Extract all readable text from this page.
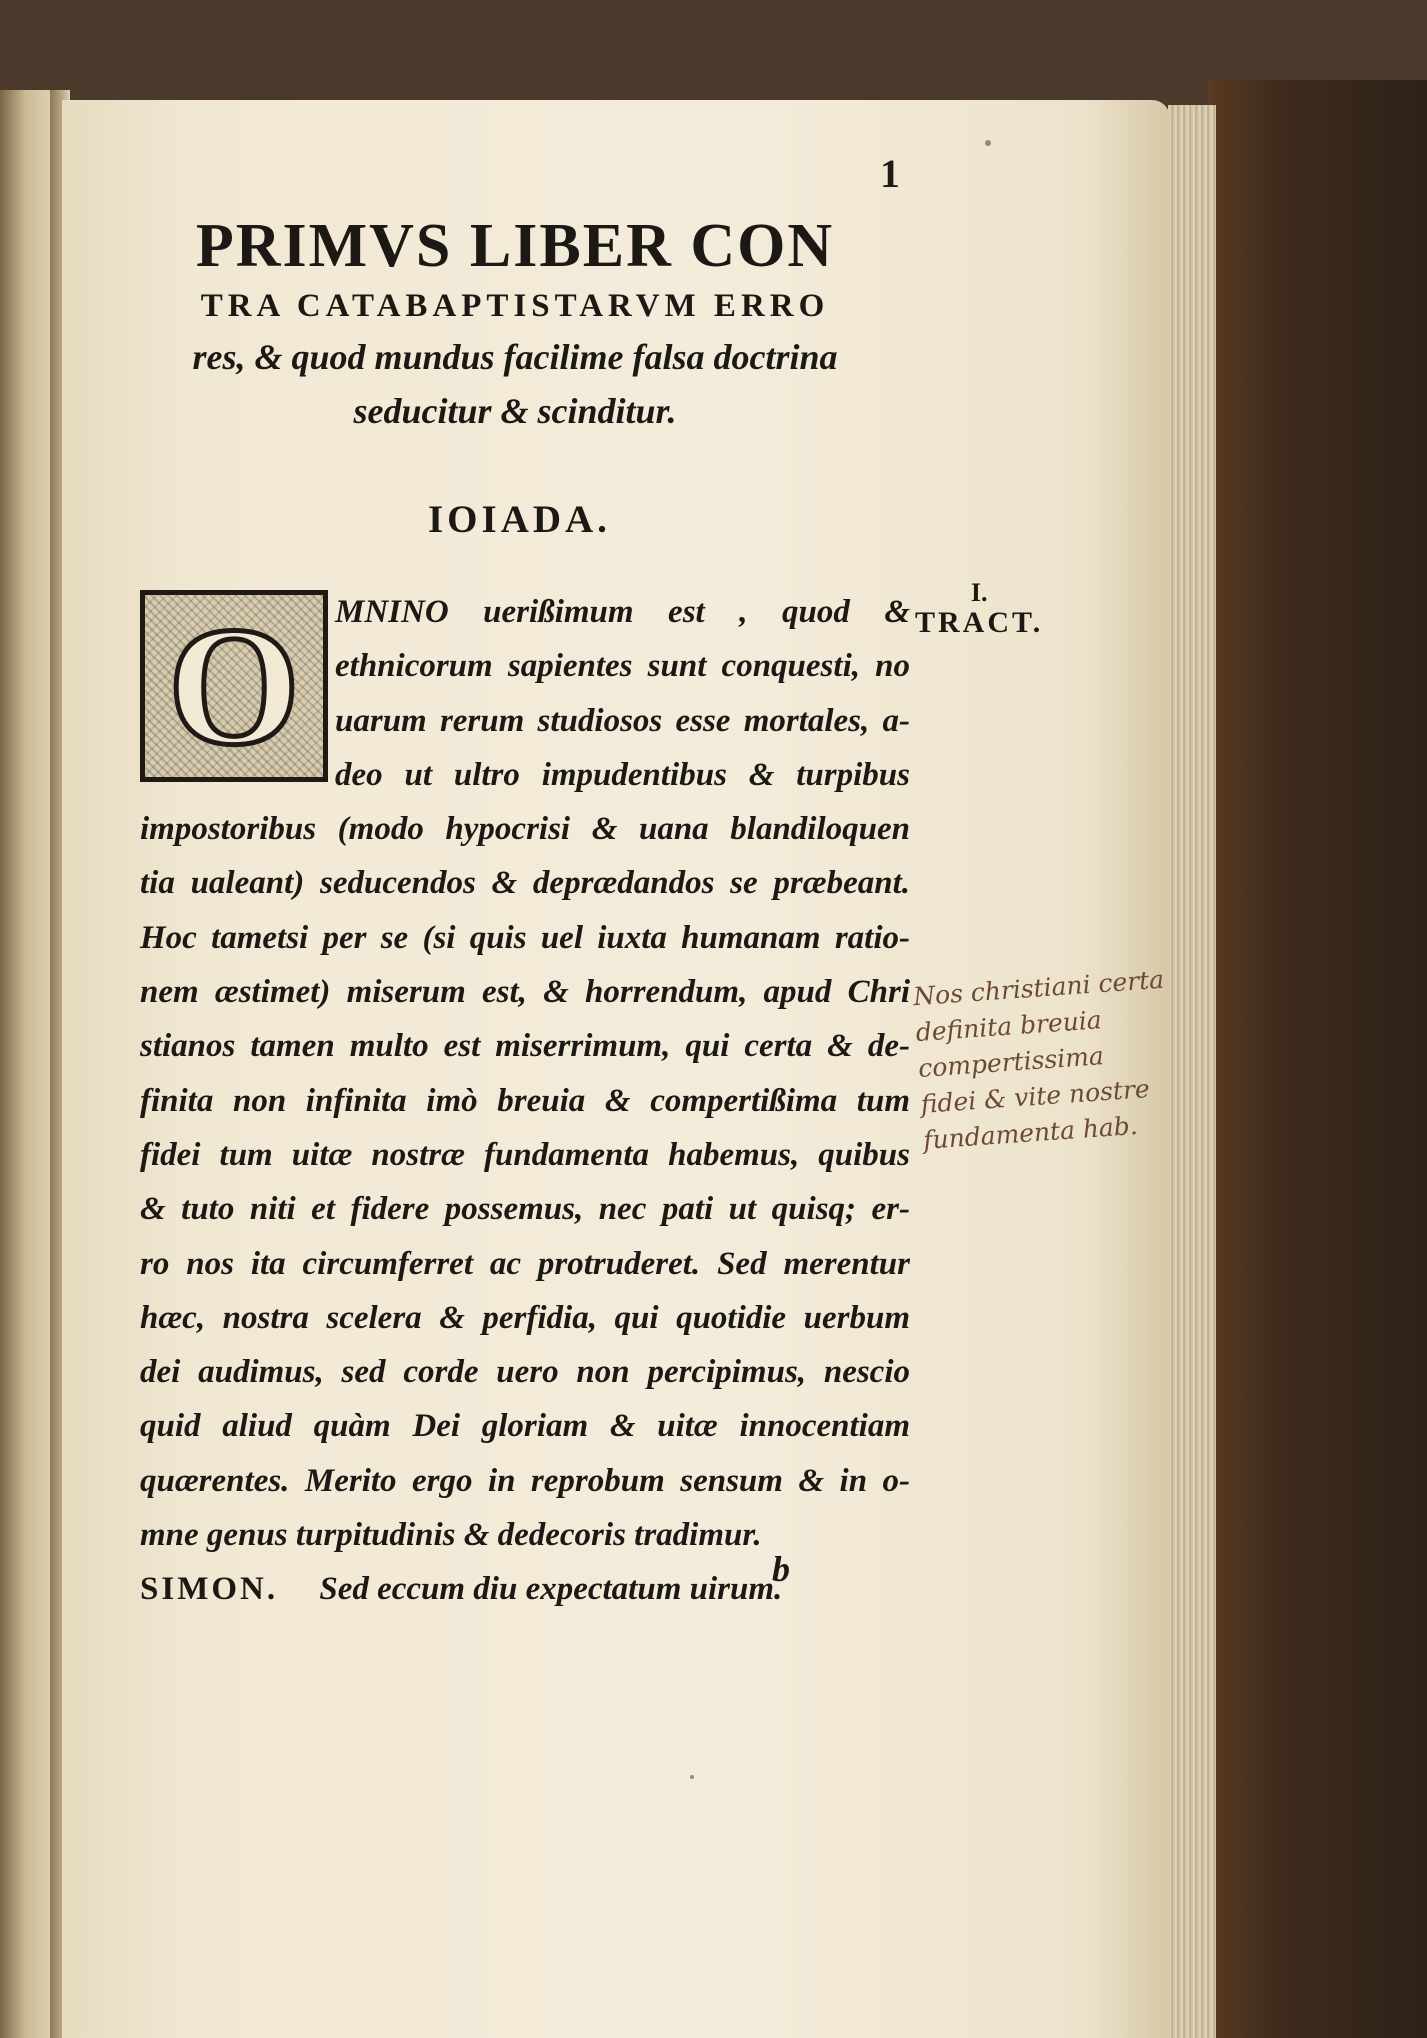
1
PRIMVS LIBER CON
TRA CATABAPTISTARVM ERRO
res, & quod mundus facilime falsa doctrina
seducitur & scinditur.
IOIADA.
MNINO uerißimum est , quod &
ethnicorum sapientes sunt conquesti, no
uarum rerum studiosos esse mortales, a-
deo ut ultro impudentibus & turpibus
impostoribus (modo hypocrisi & uana blandiloquen
tia ualeant) seducendos & deprædandos se præbeant.
Hoc tametsi per se (si quis uel iuxta humanam ratio-
nem æstimet) miserum est, & horrendum, apud Chri
stianos tamen multo est miserrimum, qui certa & de-
finita non infinita imò breuia & compertißima tum
fidei tum uitæ nostræ fundamenta habemus, quibus
& tuto niti et fidere possemus, nec pati ut quisq; er-
ro nos ita circumferret ac protruderet. Sed merentur
hæc, nostra scelera & perfidia, qui quotidie uerbum
dei audimus, sed corde uero non percipimus, nescio
quid aliud quàm Dei gloriam & uitæ innocentiam
quærentes. Merito ergo in reprobum sensum & in o-
mne genus turpitudinis & dedecoris tradimur.
SIMON. Sed eccum diu expectatum uirum.
O
b
I.
TRACT.
Nos christiani certa
definita breuia
compertissima
fidei & vite nostre
fundamenta hab.
